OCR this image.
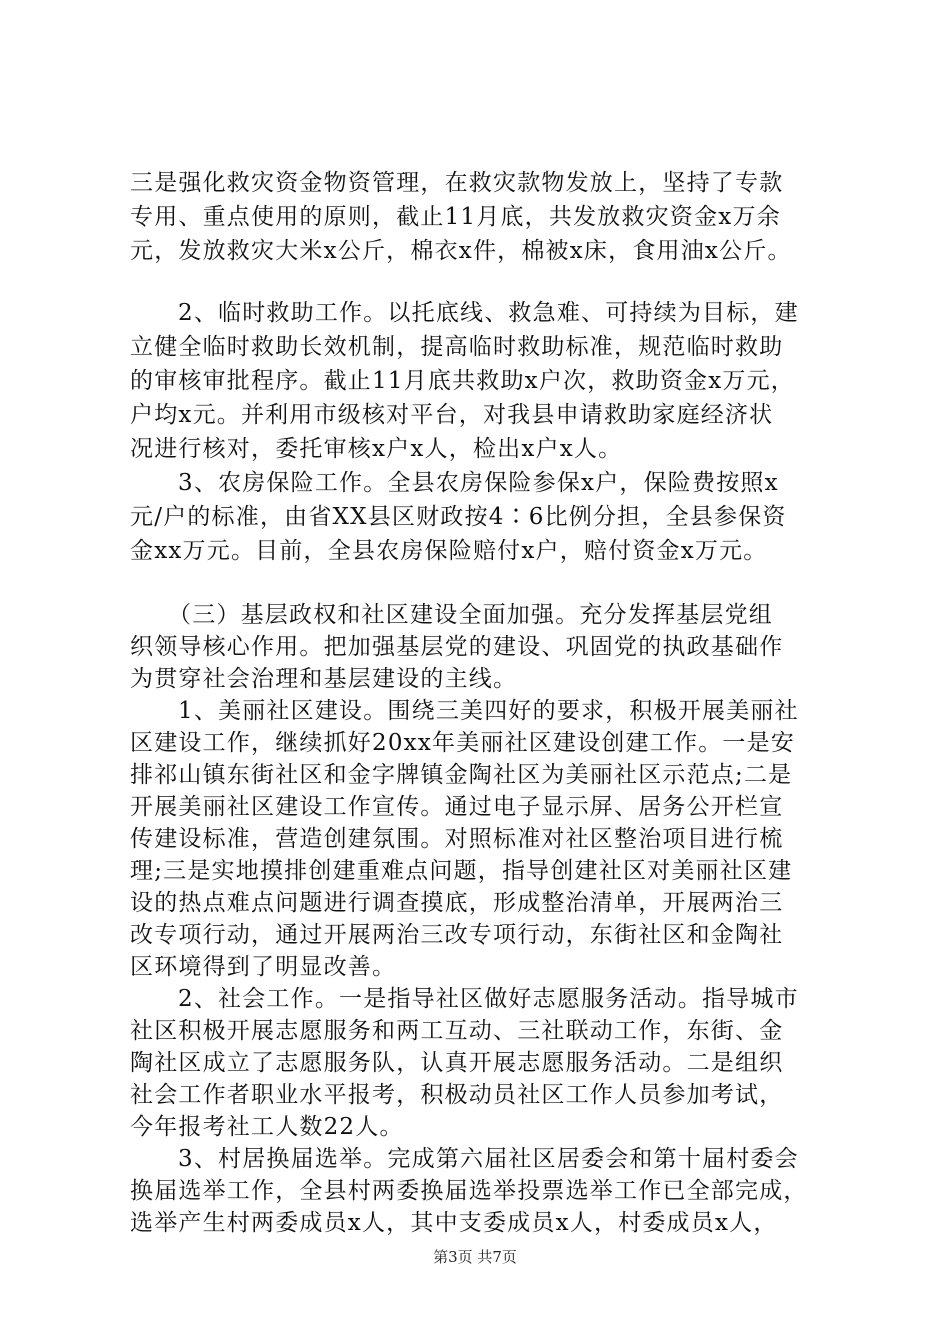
三是强化救灾资金物资管理，在救灾款物发放上，坚持了专款
专用、重点使用的原则，截止11月底，共发放救灾资金x万余
元，发放救灾大米x公斤，棉衣x件，棉被x床，食用油x公斤。
2、临时救助工作。以托底线、救急难、可持续为目标，建
立健全临时救助长效机制，提高临时救助标准，规范临时救助
的审核审批程序。截止11月底共救助x户次，救助资金x万元，
户均x元。并利用市级核对平台，对我县申请救助家庭经济状
况进行核对，委托审核x户x人，检出x户x人。
3、农房保险工作。全县农房保险参保x户，保险费按照x
元/户的标准，由省XX县区财政按4∶6比例分担，全县参保资
金xx万元。目前，全县农房保险赔付x户，赔付资金x万元。
（三）基层政权和社区建设全面加强。充分发挥基层党组
织领导核心作用。把加强基层党的建设、巩固党的执政基础作
为贯穿社会治理和基层建设的主线。
1、美丽社区建设。围绕三美四好的要求，积极开展美丽社
区建设工作，继续抓好20xx年美丽社区建设创建工作。一是安
排祁山镇东街社区和金字牌镇金陶社区为美丽社区示范点;二是
开展美丽社区建设工作宣传。通过电子显示屏、居务公开栏宣
传建设标准，营造创建氛围。对照标准对社区整治项目进行梳
理;三是实地摸排创建重难点问题，指导创建社区对美丽社区建
设的热点难点问题进行调查摸底，形成整治清单，开展两治三
改专项行动，通过开展两治三改专项行动，东街社区和金陶社
区环境得到了明显改善。
2、社会工作。一是指导社区做好志愿服务活动。指导城市
社区积极开展志愿服务和两工互动、三社联动工作，东街、金
陶社区成立了志愿服务队，认真开展志愿服务活动。二是组织
社会工作者职业水平报考，积极动员社区工作人员参加考试，
今年报考社工人数22人。
3、村居换届选举。完成第六届社区居委会和第十届村委会
换届选举工作，全县村两委换届选举投票选举工作已全部完成，
选举产生村两委成员x人，其中支委成员x人，村委成员x人，
第3页 共7页
